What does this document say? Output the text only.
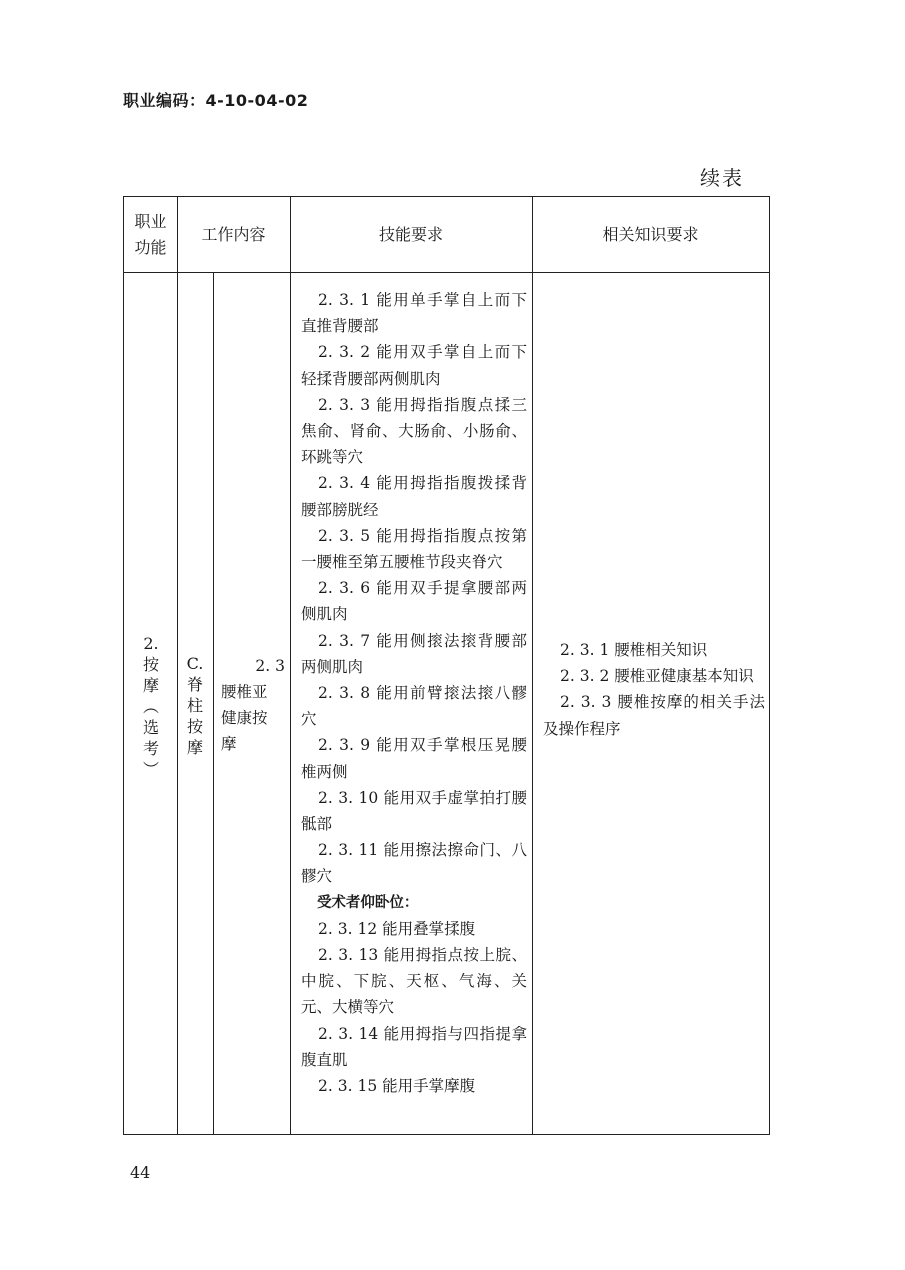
职业编码：4-10-04-02
续表
职业功能
工作内容	技能要求	相关知识要求
2.
按
摩
︵
选
考
︶
C.
脊
柱
按
摩
2. 3
腰椎亚
健康按
摩

2. 3. 1 能用单手掌自上而下直推背腰部

2. 3. 2 能用双手掌自上而下轻揉背腰部两侧肌肉

2. 3. 3 能用拇指指腹点揉三焦俞、肾俞、大肠俞、小肠俞、环跳等穴

2. 3. 4 能用拇指指腹拨揉背腰部膀胱经

2. 3. 5 能用拇指指腹点按第一腰椎至第五腰椎节段夹脊穴

2. 3. 6 能用双手提拿腰部两侧肌肉

2. 3. 7 能用侧㨰法㨰背腰部两侧肌肉

2. 3. 8 能用前臂㨰法㨰八髎穴

2. 3. 9 能用双手掌根压晃腰椎两侧

2. 3. 10 能用双手虚掌拍打腰骶部

2. 3. 11 能用擦法擦命门、八髎穴

受术者仰卧位：

2. 3. 12 能用叠掌揉腹

2. 3. 13 能用拇指点按上脘、中脘、下脘、天枢、气海、关元、大横等穴

2. 3. 14 能用拇指与四指提拿腹直肌

2. 3. 15 能用手掌摩腹

2. 3. 1 腰椎相关知识

2. 3. 2 腰椎亚健康基本知识

2. 3. 3 腰椎按摩的相关手法及操作程序

44
